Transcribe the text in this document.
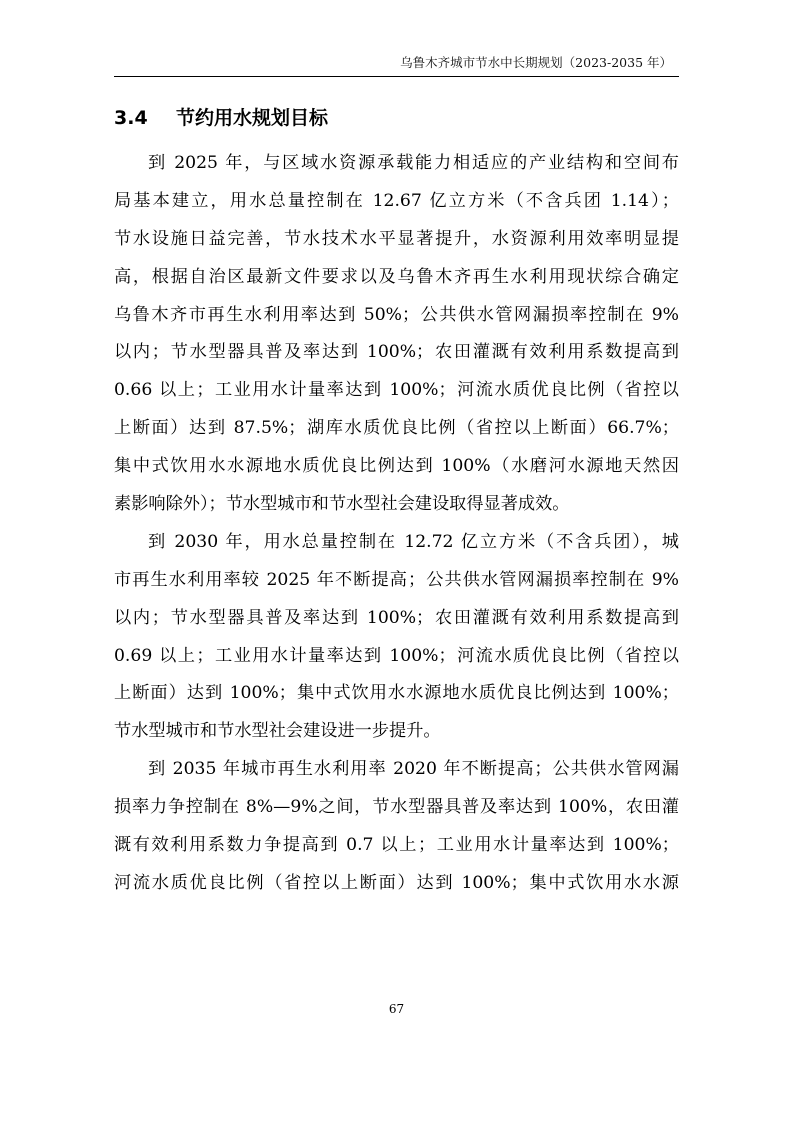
乌鲁木齐城市节水中长期规划（2023-2035 年）
3.4 节约用水规划目标
到 2025 年，与区域水资源承载能力相适应的产业结构和空间布
局基本建立，用水总量控制在 12.67 亿立方米（不含兵团 1.14）；
节水设施日益完善，节水技术水平显著提升，水资源利用效率明显提
高，根据自治区最新文件要求以及乌鲁木齐再生水利用现状综合确定
乌鲁木齐市再生水利用率达到 50%；公共供水管网漏损率控制在 9%
以内；节水型器具普及率达到 100%；农田灌溉有效利用系数提高到
0.66 以上；工业用水计量率达到 100%；河流水质优良比例（省控以
上断面）达到 87.5%；湖库水质优良比例（省控以上断面）66.7%；
集中式饮用水水源地水质优良比例达到 100%（水磨河水源地天然因
素影响除外）；节水型城市和节水型社会建设取得显著成效。
到 2030 年，用水总量控制在 12.72 亿立方米（不含兵团），城
市再生水利用率较 2025 年不断提高；公共供水管网漏损率控制在 9%
以内；节水型器具普及率达到 100%；农田灌溉有效利用系数提高到
0.69 以上；工业用水计量率达到 100%；河流水质优良比例（省控以
上断面）达到 100%；集中式饮用水水源地水质优良比例达到 100%；
节水型城市和节水型社会建设进一步提升。
到 2035 年城市再生水利用率 2020 年不断提高；公共供水管网漏
损率力争控制在 8%—9%之间，节水型器具普及率达到 100%，农田灌
溉有效利用系数力争提高到 0.7 以上；工业用水计量率达到 100%；
河流水质优良比例（省控以上断面）达到 100%；集中式饮用水水源
67
